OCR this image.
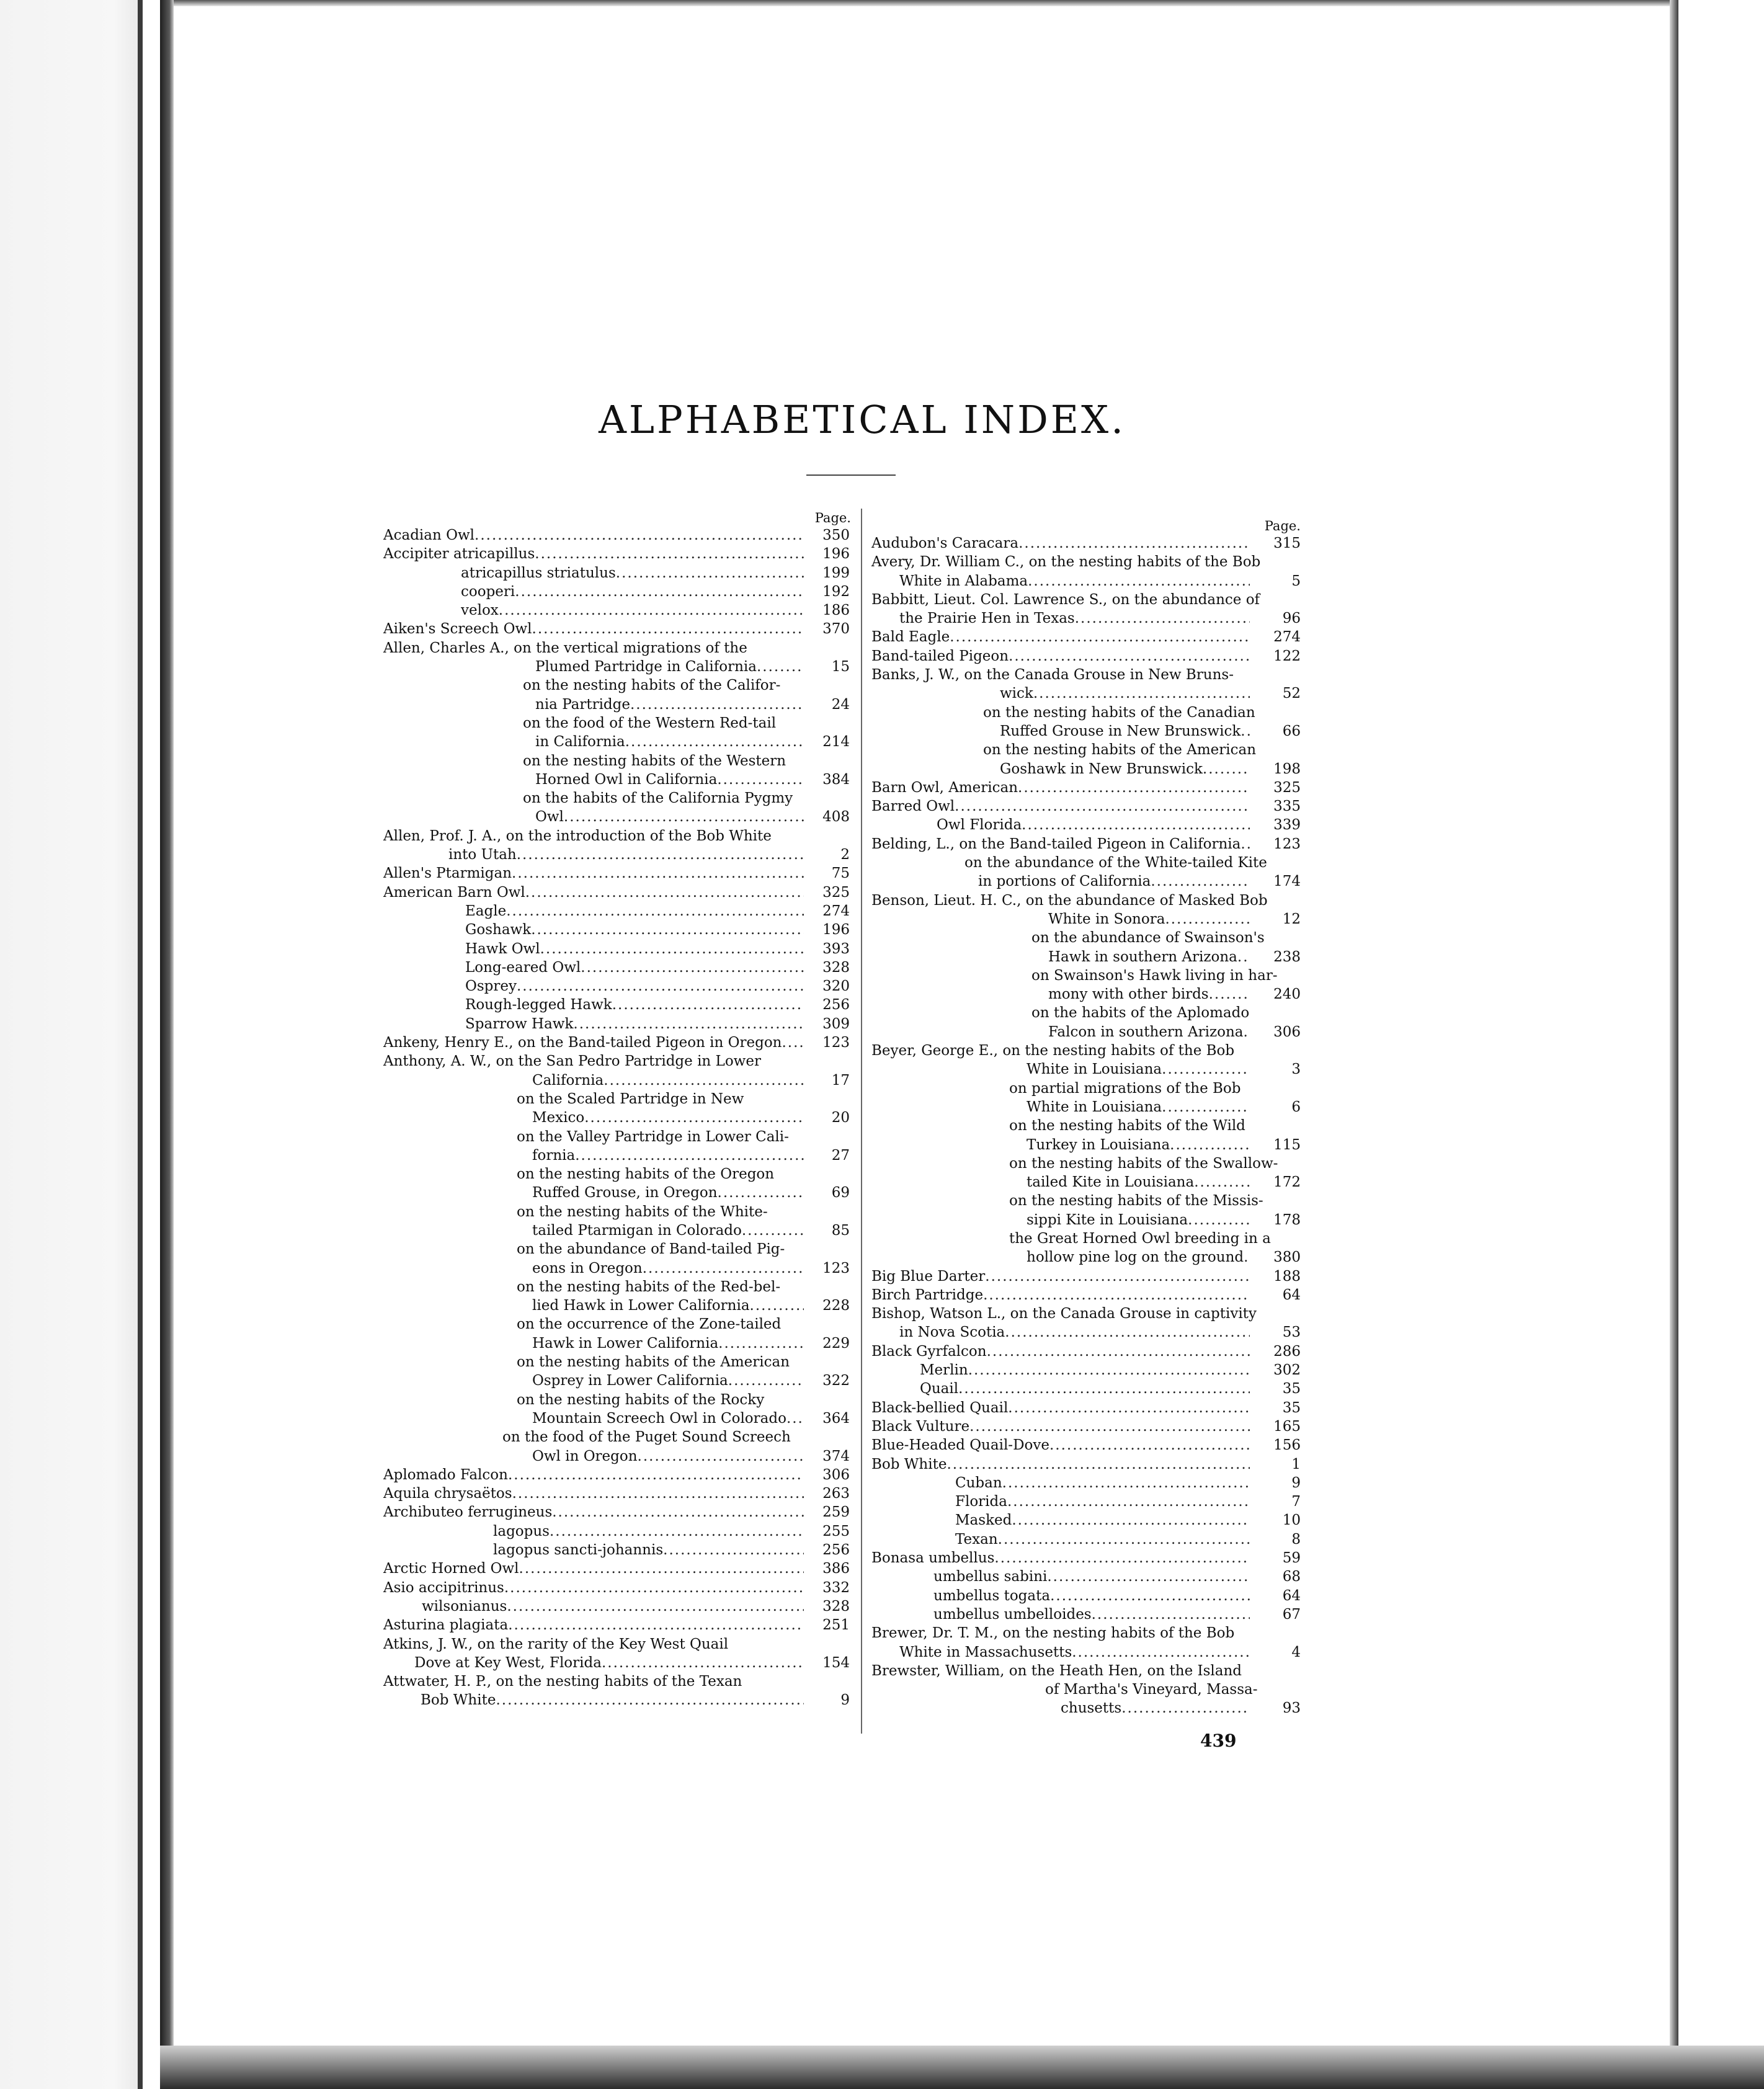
ALPHABETICAL INDEX.
Page.
Acadian Owl .....	350
Accipiter atricapillus .....	196
atricapillus striatulus .....	199
cooperi .....	192
velox .....	186
Aiken's Screech Owl .....	370
Allen, Charles A., on the vertical migrations of the
Plumed Partridge in California .....	15
on the nesting habits of the Califor-
nia Partridge .....	24
on the food of the Western Red-tail
in California .....	214
on the nesting habits of the Western
Horned Owl in California .....	384
on the habits of the California Pygmy
Owl .....	408
Allen, Prof. J. A., on the introduction of the Bob White
into Utah .....	2
Allen's Ptarmigan .....	75
American Barn Owl .....	325
Eagle .....	274
Goshawk .....	196
Hawk Owl .....	393
Long-eared Owl .....	328
Osprey .....	320
Rough-legged Hawk .....	256
Sparrow Hawk .....	309
Ankeny, Henry E., on the Band-tailed Pigeon in Oregon .....	123
Anthony, A. W., on the San Pedro Partridge in Lower
California .....	17
on the Scaled Partridge in New
Mexico .....	20
on the Valley Partridge in Lower Cali-
fornia .....	27
on the nesting habits of the Oregon
Ruffed Grouse, in Oregon .....	69
on the nesting habits of the White-
tailed Ptarmigan in Colorado .....	85
on the abundance of Band-tailed Pig-
eons in Oregon .....	123
on the nesting habits of the Red-bel-
lied Hawk in Lower California .....	228
on the occurrence of the Zone-tailed
Hawk in Lower California .....	229
on the nesting habits of the American
Osprey in Lower California .....	322
on the nesting habits of the Rocky
Mountain Screech Owl in Colorado .....	364
on the food of the Puget Sound Screech
Owl in Oregon .....	374
Aplomado Falcon .....	306
Aquila chrysaëtos .....	263
Archibuteo ferrugineus .....	259
lagopus .....	255
lagopus sancti-johannis .....	256
Arctic Horned Owl .....	386
Asio accipitrinus .....	332
wilsonianus .....	328
Asturina plagiata .....	251
Atkins, J. W., on the rarity of the Key West Quail
Dove at Key West, Florida .....	154
Attwater, H. P., on the nesting habits of the Texan
Bob White .....	9
Page.
Audubon's Caracara .....	315
Avery, Dr. William C., on the nesting habits of the Bob
White in Alabama .....	5
Babbitt, Lieut. Col. Lawrence S., on the abundance of
the Prairie Hen in Texas .....	96
Bald Eagle .....	274
Band-tailed Pigeon .....	122
Banks, J. W., on the Canada Grouse in New Bruns-
wick .....	52
on the nesting habits of the Canadian
Ruffed Grouse in New Brunswick .....	66
on the nesting habits of the American
Goshawk in New Brunswick .....	198
Barn Owl, American .....	325
Barred Owl .....	335
Owl Florida .....	339
Belding, L., on the Band-tailed Pigeon in California .....	123
on the abundance of the White-tailed Kite
in portions of California .....	174
Benson, Lieut. H. C., on the abundance of Masked Bob
White in Sonora .....	12
on the abundance of Swainson's
Hawk in southern Arizona .....	238
on Swainson's Hawk living in har-
mony with other birds .....	240
on the habits of the Aplomado
Falcon in southern Arizona .....	306
Beyer, George E., on the nesting habits of the Bob
White in Louisiana .....	3
on partial migrations of the Bob
White in Louisiana .....	6
on the nesting habits of the Wild
Turkey in Louisiana .....	115
on the nesting habits of the Swallow-
tailed Kite in Louisiana .....	172
on the nesting habits of the Missis-
sippi Kite in Louisiana .....	178
the Great Horned Owl breeding in a
hollow pine log on the ground .....	380
Big Blue Darter .....	188
Birch Partridge .....	64
Bishop, Watson L., on the Canada Grouse in captivity
in Nova Scotia .....	53
Black Gyrfalcon .....	286
Merlin .....	302
Quail .....	35
Black-bellied Quail .....	35
Black Vulture .....	165
Blue-Headed Quail-Dove .....	156
Bob White .....	1
Cuban .....	9
Florida .....	7
Masked .....	10
Texan .....	8
Bonasa umbellus .....	59
umbellus sabini .....	68
umbellus togata .....	64
umbellus umbelloides .....	67
Brewer, Dr. T. M., on the nesting habits of the Bob
White in Massachusetts .....	4
Brewster, William, on the Heath Hen, on the Island
of Martha's Vineyard, Massa-
chusetts .....	93
439
